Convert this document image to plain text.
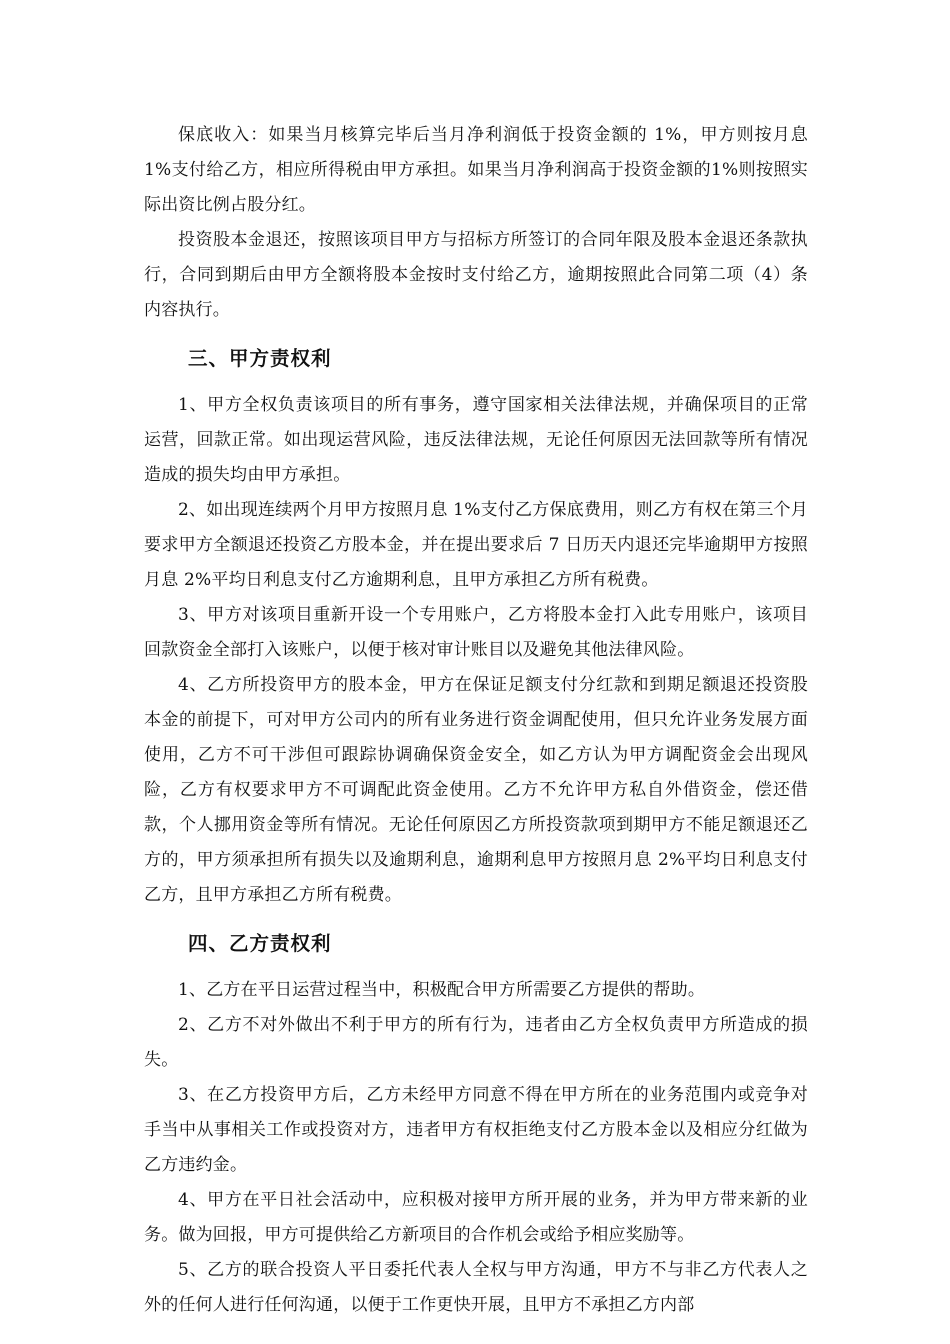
保底收入：如果当月核算完毕后当月净利润低于投资金额的 1%，甲方则按月息 1%支付给乙方，相应所得税由甲方承担。如果当月净利润高于投资金额的1%则按照实际出资比例占股分红。

投资股本金退还，按照该项目甲方与招标方所签订的合同年限及股本金退还条款执行，合同到期后由甲方全额将股本金按时支付给乙方，逾期按照此合同第二项（4）条内容执行。

三、甲方责权利

1、甲方全权负责该项目的所有事务，遵守国家相关法律法规，并确保项目的正常运营，回款正常。如出现运营风险，违反法律法规，无论任何原因无法回款等所有情况造成的损失均由甲方承担。

2、如出现连续两个月甲方按照月息 1%支付乙方保底费用，则乙方有权在第三个月要求甲方全额退还投资乙方股本金，并在提出要求后 7 日历天内退还完毕逾期甲方按照月息 2%平均日利息支付乙方逾期利息，且甲方承担乙方所有税费。

3、甲方对该项目重新开设一个专用账户，乙方将股本金打入此专用账户，该项目回款资金全部打入该账户，以便于核对审计账目以及避免其他法律风险。

4、乙方所投资甲方的股本金，甲方在保证足额支付分红款和到期足额退还投资股本金的前提下，可对甲方公司内的所有业务进行资金调配使用，但只允许业务发展方面使用，乙方不可干涉但可跟踪协调确保资金安全，如乙方认为甲方调配资金会出现风险，乙方有权要求甲方不可调配此资金使用。乙方不允许甲方私自外借资金，偿还借款，个人挪用资金等所有情况。无论任何原因乙方所投资款项到期甲方不能足额退还乙方的，甲方须承担所有损失以及逾期利息，逾期利息甲方按照月息 2%平均日利息支付乙方，且甲方承担乙方所有税费。

四、乙方责权利

1、乙方在平日运营过程当中，积极配合甲方所需要乙方提供的帮助。

2、乙方不对外做出不利于甲方的所有行为，违者由乙方全权负责甲方所造成的损失。

3、在乙方投资甲方后，乙方未经甲方同意不得在甲方所在的业务范围内或竞争对手当中从事相关工作或投资对方，违者甲方有权拒绝支付乙方股本金以及相应分红做为乙方违约金。

4、甲方在平日社会活动中，应积极对接甲方所开展的业务，并为甲方带来新的业务。做为回报，甲方可提供给乙方新项目的合作机会或给予相应奖励等。

5、乙方的联合投资人平日委托代表人全权与甲方沟通，甲方不与非乙方代表人之外的任何人进行任何沟通，以便于工作更快开展，且甲方不承担乙方内部
